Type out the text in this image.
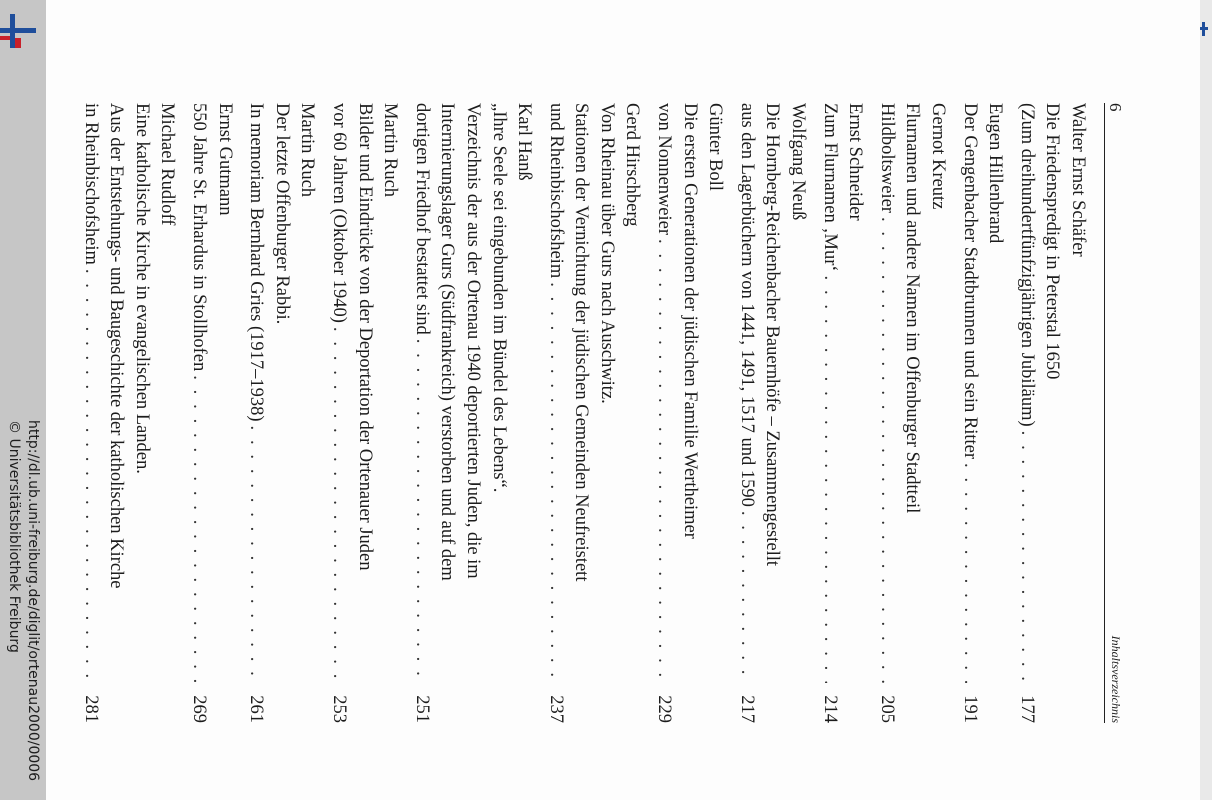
http://dl.ub.uni-freiburg.de/diglit/ortenau2000/0006
© Universitätsbibliothek Freiburg
6
Inhaltsverzeichnis
Walter Ernst Schäfer
Die Friedenspredigt in Peterstal 1650
(Zum dreihundertfünfzigjährigen Jubiläum)
. . .
177
Eugen Hillenbrand
Der Gengenbacher Stadtbrunnen und sein Ritter
. . .
191
Gernot Kreutz
Flurnamen und andere Namen im Offenburger Stadtteil
Hildboltsweier
. . .
205
Ernst Schneider
Zum Flurnamen ‚Mur‘
. . .
214
Wolfgang Neuß
Die Hornberg-Reichenbacher Bauernhöfe – Zusammengestellt
aus den Lagerbüchern von 1441, 1491, 1517 und 1590
. . .
217
Günter Boll
Die ersten Generationen der jüdischen Familie Wertheimer
von Nonnenweier
. . .
229
Gerd Hirschberg
Von Rheinau über Gurs nach Auschwitz.
Stationen der Vernichtung der jüdischen Gemeinden Neufreistett
und Rheinbischofsheim
. . .
237
Karl Hanß
„Ihre Seele sei eingebunden im Bündel des Lebens“.
Verzeichnis der aus der Ortenau 1940 deportierten Juden, die im
Internierungslager Gurs (Südfrankreich) verstorben und auf dem
dortigen Friedhof bestattet sind
. . .
251
Martin Ruch
Bilder und Eindrücke von der Deportation der Ortenauer Juden
vor 60 Jahren (Oktober 1940)
. . .
253
Martin Ruch
Der letzte Offenburger Rabbi.
In memoriam Bernhard Gries (1917–1938)
. . .
261
Ernst Gutmann
550 Jahre St. Erhardus in Stollhofen
. . .
269
Michael Rudloff
Eine katholische Kirche in evangelischen Landen.
Aus der Entstehungs- und Baugeschichte der katholischen Kirche
in Rheinbischofsheim
. . .
281
